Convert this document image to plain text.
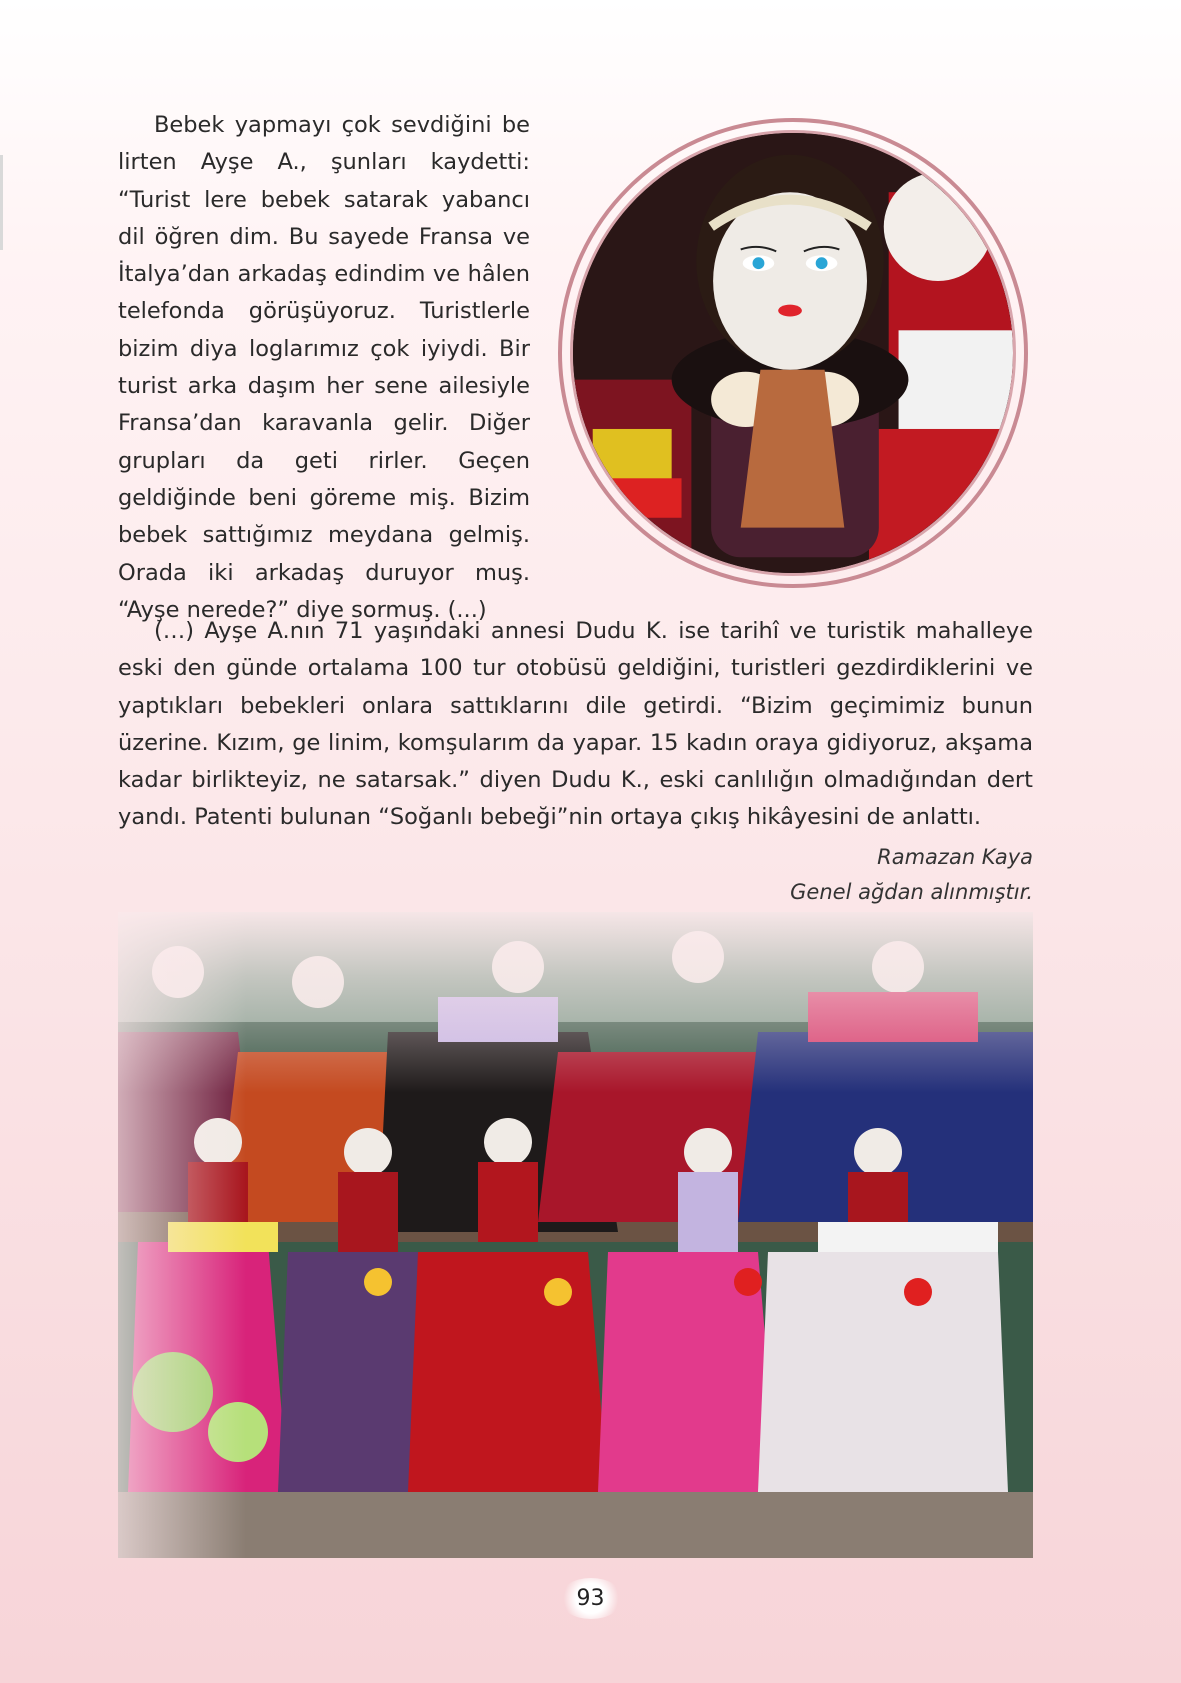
Bebek yapmayı çok sevdiğini be lirten Ayşe A., şunları kaydetti: “Turist lere bebek satarak yabancı dil öğren dim. Bu sayede Fransa ve İtalya’dan arkadaş edindim ve hâlen telefonda görüşüyoruz. Turistlerle bizim diya loglarımız çok iyiydi. Bir turist arka daşım her sene ailesiyle Fransa’dan karavanla gelir. Diğer grupları da geti rirler. Geçen geldiğinde beni göreme miş. Bizim bebek sattığımız meydana gelmiş. Orada iki arkadaş duruyor muş. “Ayşe nerede?” diye sormuş. (...)

(…) Ayşe A.nın 71 yaşındaki annesi Dudu K. ise tarihî ve turistik mahalleye eski den günde ortalama 100 tur otobüsü geldiğini, turistleri gezdirdiklerini ve yaptıkları bebekleri onlara sattıklarını dile getirdi. “Bizim geçimimiz bunun üzerine. Kızım, ge linim, komşularım da yapar. 15 kadın oraya gidiyoruz, akşama kadar birlikteyiz, ne satarsak.” diyen Dudu K., eski canlılığın olmadığından dert yandı. Patenti bulunan “Soğanlı bebeği”nin ortaya çıkış hikâyesini de anlattı.

Ramazan Kaya
Genel ağdan alınmıştır.
93
